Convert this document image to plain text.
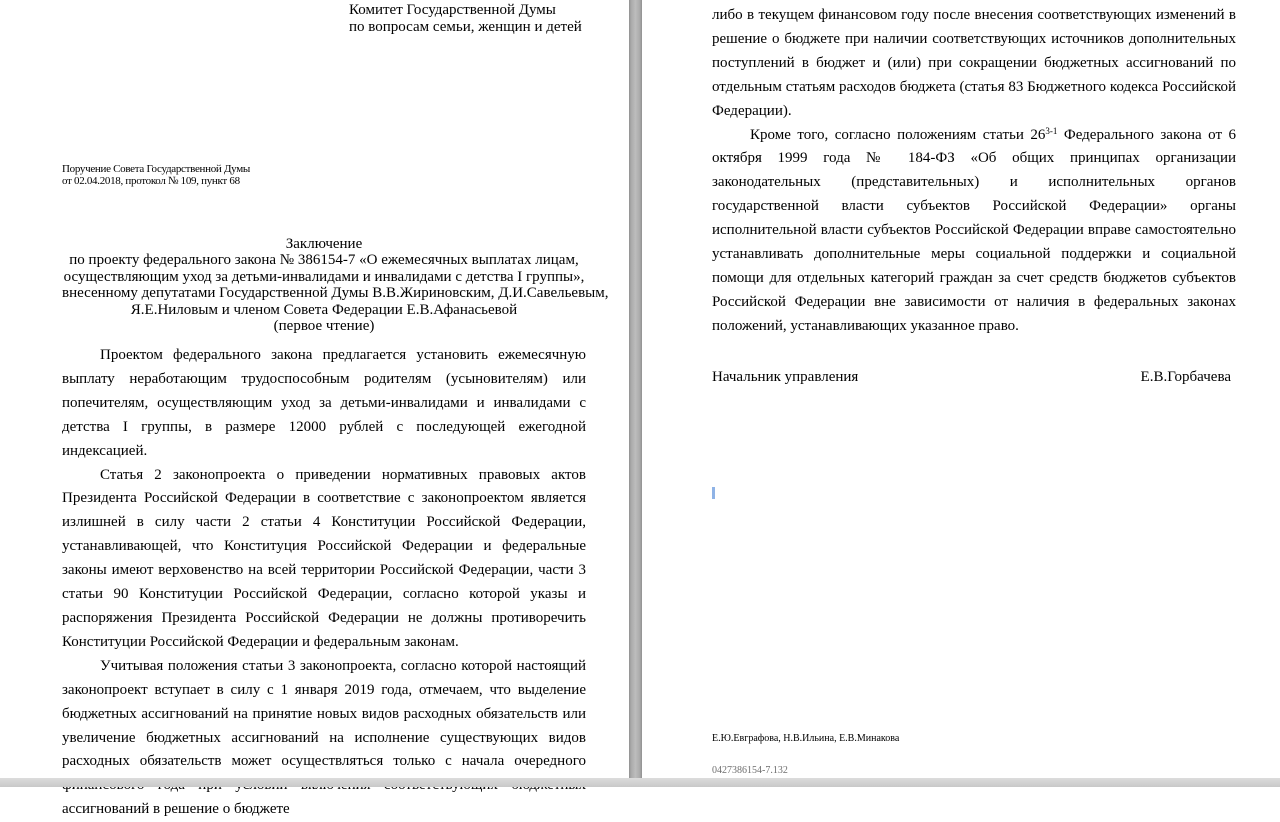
Комитет Государственной Думы
по вопросам семьи, женщин и детей
Поручение Совета Государственной Думы
от 02.04.2018, протокол № 109, пункт 68
Заключение
по проекту федерального закона № 386154-7 «О ежемесячных выплатах лицам,
осуществляющим уход за детьми-инвалидами и инвалидами с детства I группы»,
внесенному депутатами Государственной Думы В.В.Жириновским, Д.И.Савельевым,
Я.Е.Ниловым и членом Совета Федерации Е.В.Афанасьевой
(первое чтение)

Проектом федерального закона предлагается установить ежемесячную выплату неработающим трудоспособным родителям (усыновителям) или попечителям, осуществляющим уход за детьми-инвалидами и инвалидами с детства I группы, в размере 12000 рублей с последующей ежегодной индексацией.

Статья 2 законопроекта о приведении нормативных правовых актов Президента Российской Федерации в соответствие с законопроектом является излишней в силу части 2 статьи 4 Конституции Российской Федерации, устанавливающей, что Конституция Российской Федерации и федеральные законы имеют верховенство на всей территории Российской Федерации, части 3 статьи 90 Конституции Российской Федерации, согласно которой указы и распоряжения Президента Российской Федерации не должны противоречить Конституции Российской Федерации и федеральным законам.

Учитывая положения статьи 3 законопроекта, согласно которой настоящий законопроект вступает в силу с 1 января 2019 года, отмечаем, что выделение бюджетных ассигнований на принятие новых видов расходных обязательств или увеличение бюджетных ассигнований на исполнение существующих видов расходных обязательств может осуществляться только с начала очередного ассигнований в решение о бюджете

либо в текущем финансовом году после внесения соответствующих изменений в решение о бюджете при наличии соответствующих источников дополнительных поступлений в бюджет и (или) при сокращении бюджетных ассигнований по отдельным статьям расходов бюджета (статья 83 Бюджетного кодекса Российской Федерации).

Кроме того, согласно положениям статьи 26$^{3-1}$ Федерального закона от 6 октября 1999 года № 184-ФЗ «Об общих принципах организации законодательных (представительных) и исполнительных органов государственной власти субъектов Российской Федерации» органы исполнительной власти субъектов Российской Федерации вправе самостоятельно устанавливать дополнительные меры социальной поддержки и социальной помощи для отдельных категорий граждан за счет средств бюджетов субъектов Российской Федерации вне зависимости от наличия в федеральных законах положений, устанавливающих указанное право.

Начальник управления	Е.В.Горбачева
Е.Ю.Евграфова, Н.В.Ильина, Е.В.Минакова
0427386154-7.132
